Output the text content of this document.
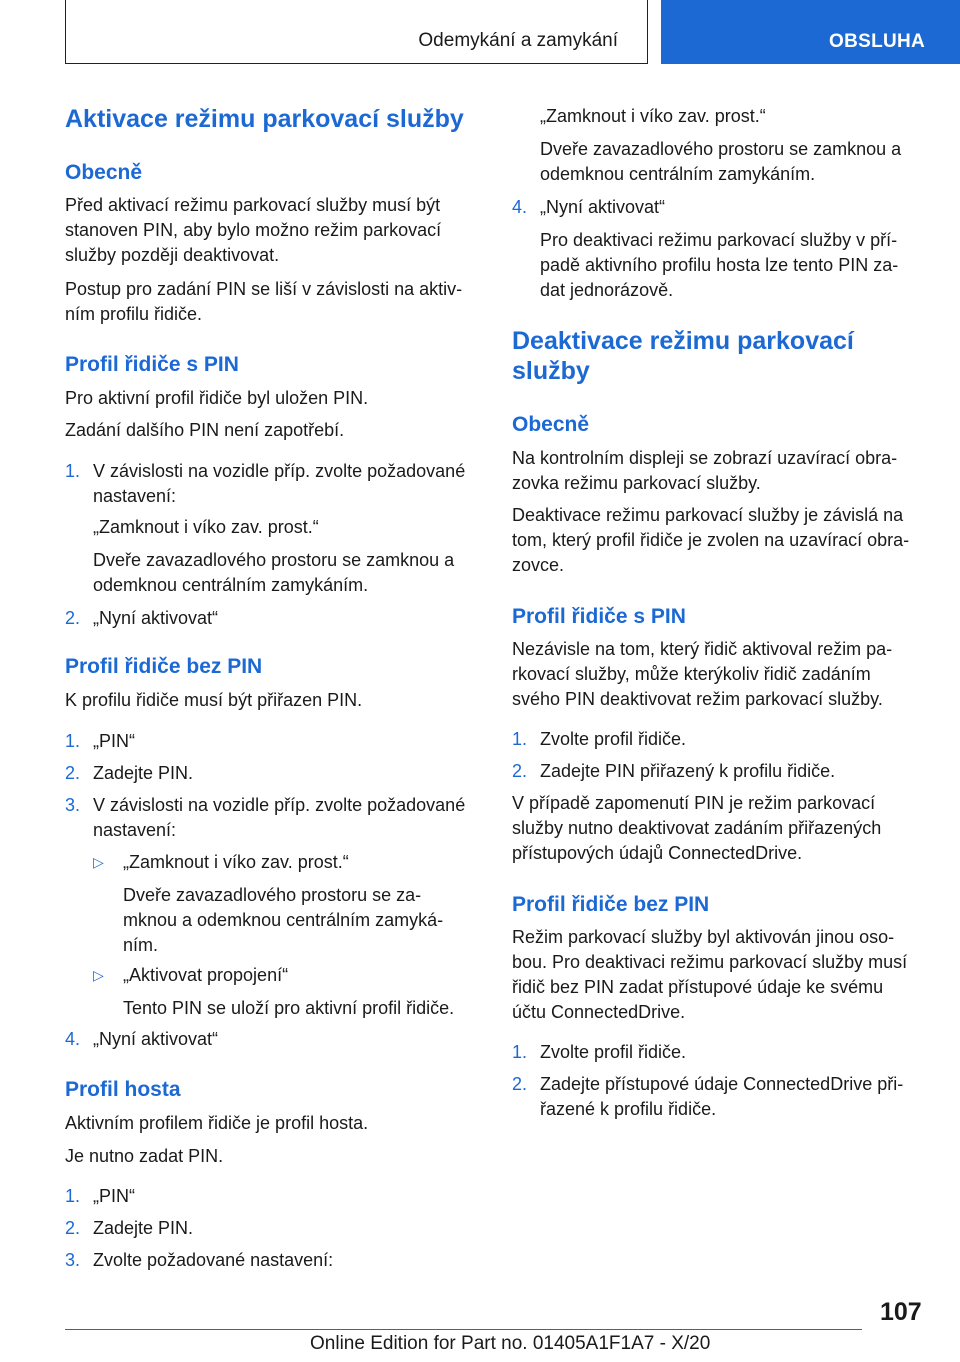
Odemykání a zamykání	OBSLUHA
Aktivace režimu parkovací služby
Obecně
Před aktivací režimu parkovací služby musí být
stanoven PIN, aby bylo možno režim parkovací
služby později deaktivovat.
Postup pro zadání PIN se liší v závislosti na aktiv-
ním profilu řidiče.
Profil řidiče s PIN
Pro aktivní profil řidiče byl uložen PIN.
Zadání dalšího PIN není zapotřebí.
1. V závislosti na vozidle příp. zvolte požadované
nastavení:
„Zamknout i víko zav. prost.“
Dveře zavazadlového prostoru se zamknou a
odemknou centrálním zamykáním.
2. „Nyní aktivovat“
Profil řidiče bez PIN
K profilu řidiče musí být přiřazen PIN.
1. „PIN“
2. Zadejte PIN.
3. V závislosti na vozidle příp. zvolte požadované
nastavení:
▷ „Zamknout i víko zav. prost.“
Dveře zavazadlového prostoru se za-
mknou a odemknou centrálním zamyká-
ním.
▷ „Aktivovat propojení“
Tento PIN se uloží pro aktivní profil řidiče.
4. „Nyní aktivovat“
Profil hosta
Aktivním profilem řidiče je profil hosta.
Je nutno zadat PIN.
1. „PIN“
2. Zadejte PIN.
3. Zvolte požadované nastavení:
„Zamknout i víko zav. prost.“
Dveře zavazadlového prostoru se zamknou a
odemknou centrálním zamykáním.
4. „Nyní aktivovat“
Pro deaktivaci režimu parkovací služby v pří-
padě aktivního profilu hosta lze tento PIN za-
dat jednorázově.
Deaktivace režimu parkovací
služby
Obecně
Na kontrolním displeji se zobrazí uzavírací obra-
zovka režimu parkovací služby.
Deaktivace režimu parkovací služby je závislá na
tom, který profil řidiče je zvolen na uzavírací obra-
zovce.
Profil řidiče s PIN
Nezávisle na tom, který řidič aktivoval režim pa-
rkovací služby, může kterýkoliv řidič zadáním
svého PIN deaktivovat režim parkovací služby.
1. Zvolte profil řidiče.
2. Zadejte PIN přiřazený k profilu řidiče.
V případě zapomenutí PIN je režim parkovací
služby nutno deaktivovat zadáním přiřazených
přístupových údajů ConnectedDrive.
Profil řidiče bez PIN
Režim parkovací služby byl aktivován jinou oso-
bou. Pro deaktivaci režimu parkovací služby musí
řidič bez PIN zadat přístupové údaje ke svému
účtu ConnectedDrive.
1. Zvolte profil řidiče.
2. Zadejte přístupové údaje ConnectedDrive při-
řazené k profilu řidiče.
107
Online Edition for Part no. 01405A1F1A7 - X/20
